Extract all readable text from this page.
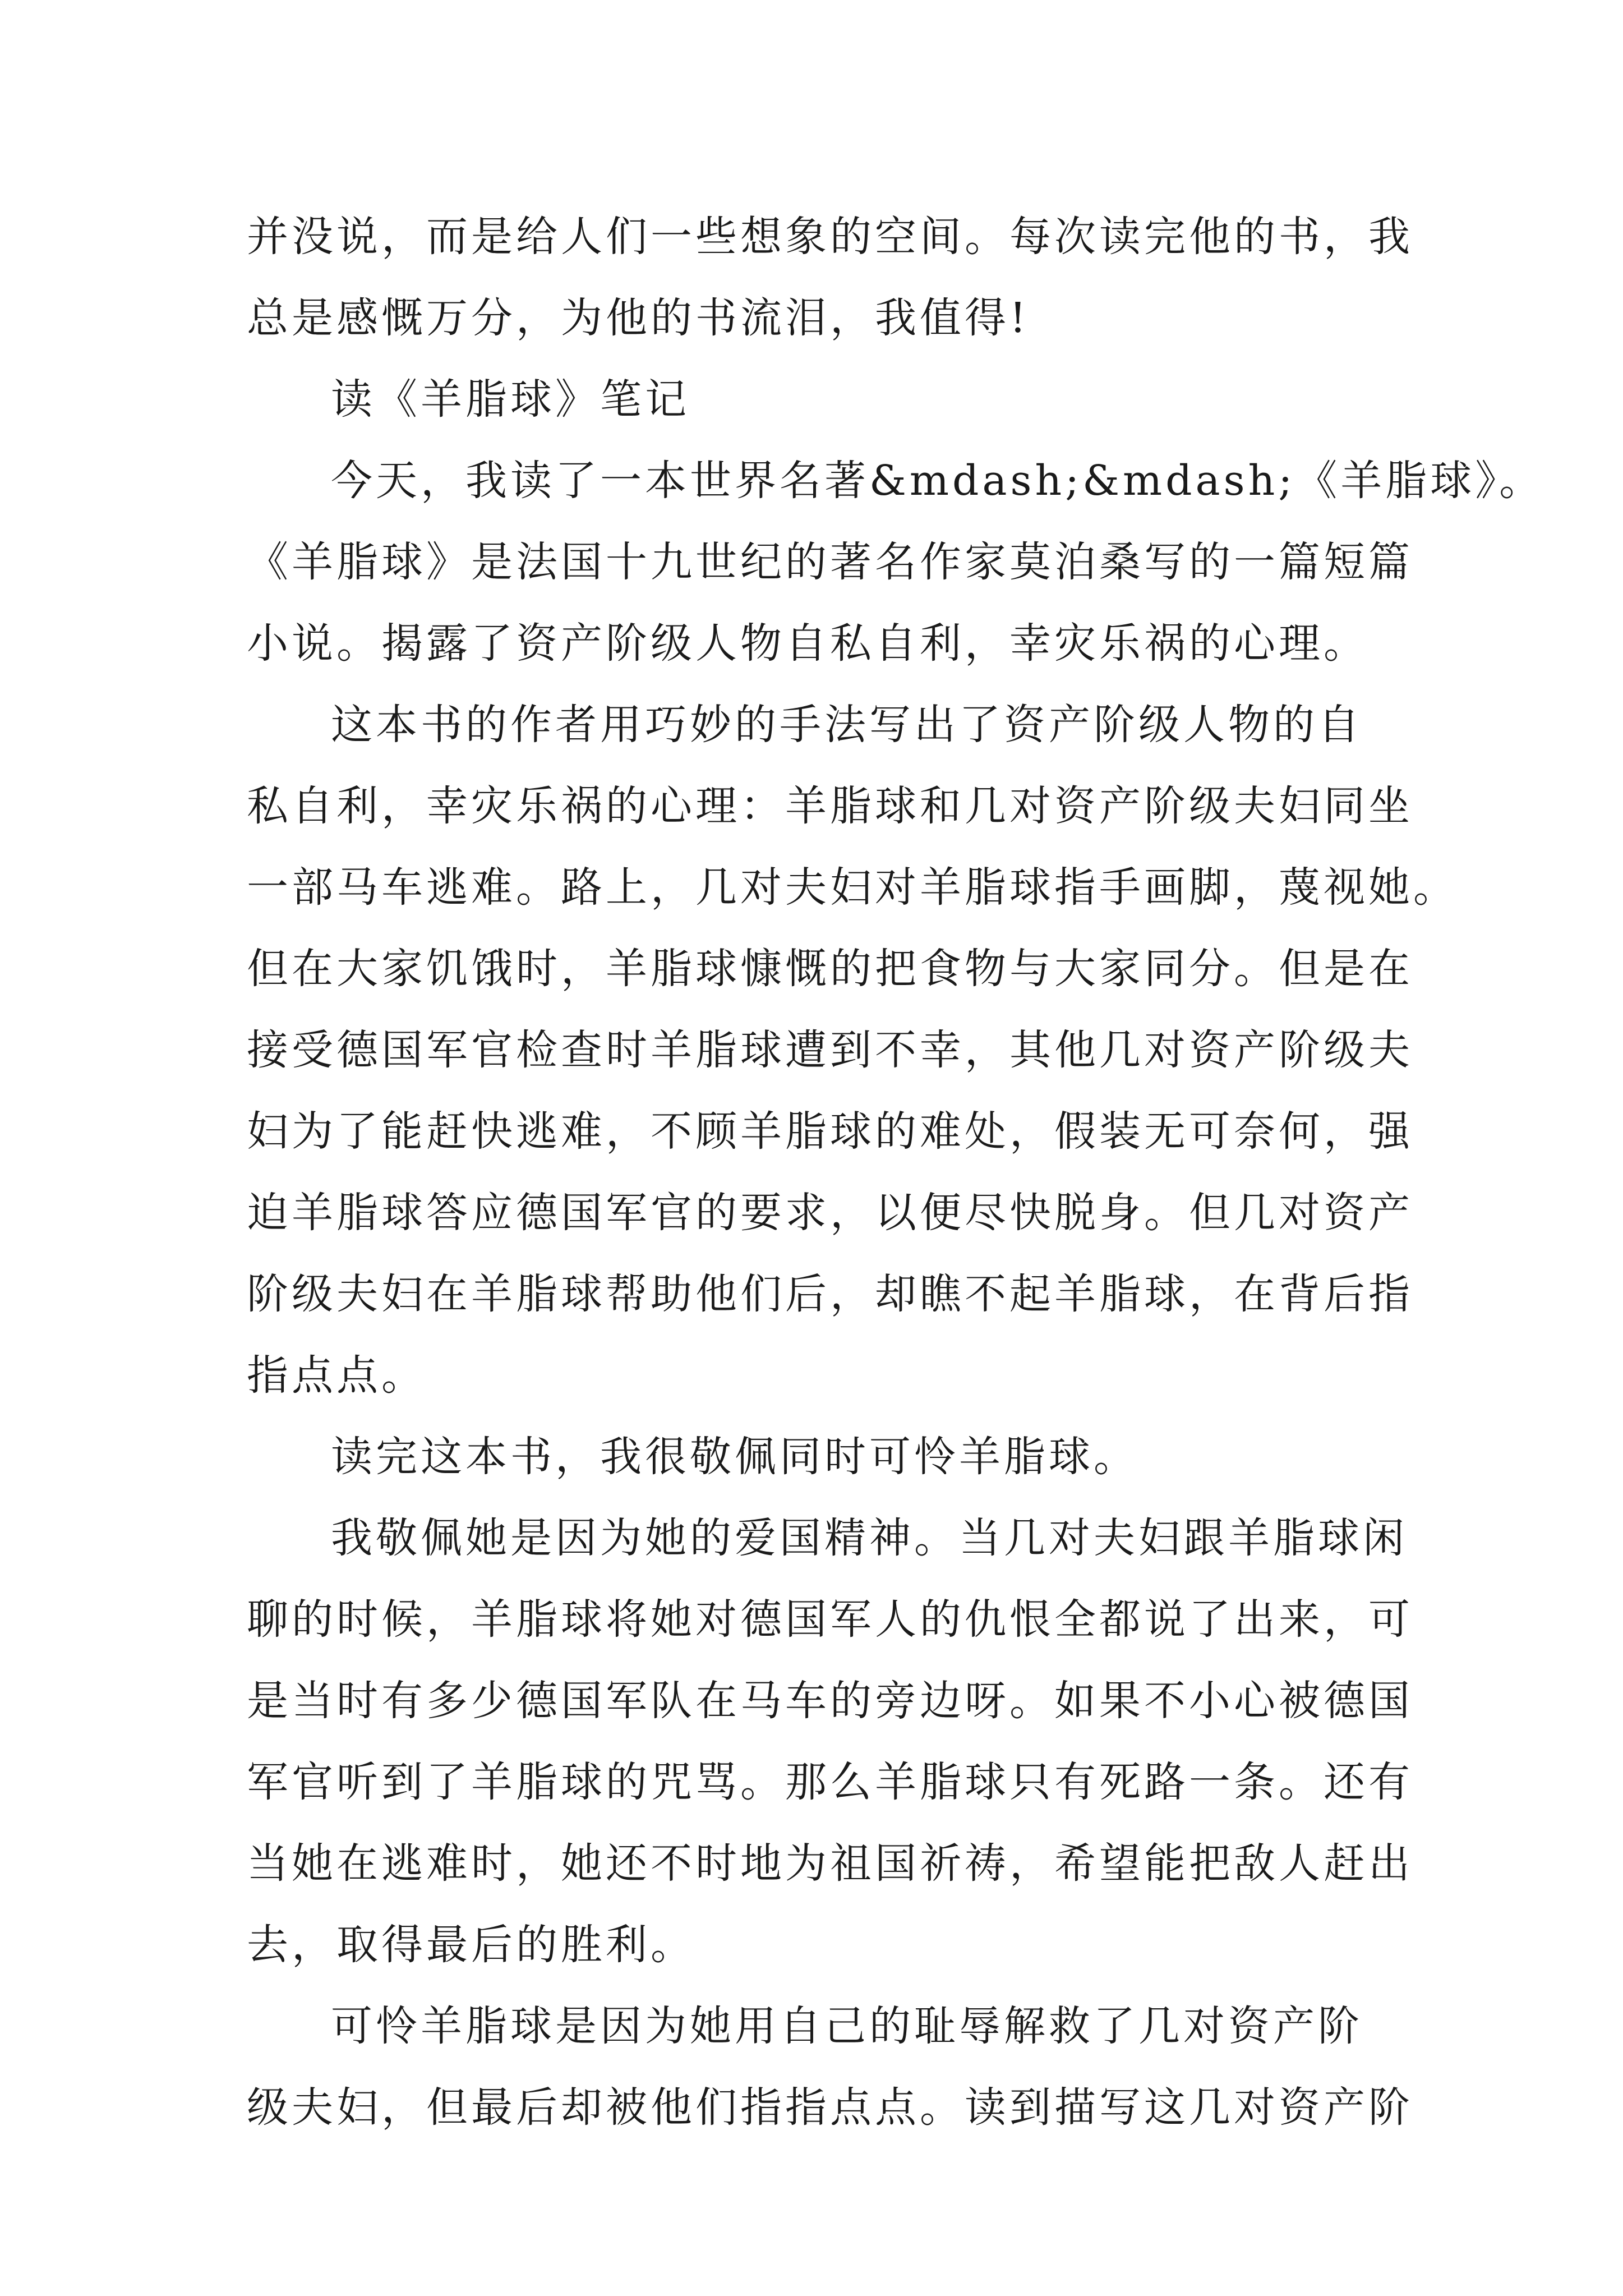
并没说，而是给人们一些想象的空间。每次读完他的书，我
总是感慨万分，为他的书流泪，我值得!
读《羊脂球》笔记
今天，我读了一本世界名著&mdash;&mdash;《羊脂球》。
《羊脂球》是法国十九世纪的著名作家莫泊桑写的一篇短篇
小说。揭露了资产阶级人物自私自利，幸灾乐祸的心理。
这本书的作者用巧妙的手法写出了资产阶级人物的自
私自利，幸灾乐祸的心理：羊脂球和几对资产阶级夫妇同坐
一部马车逃难。路上，几对夫妇对羊脂球指手画脚，蔑视她。
但在大家饥饿时，羊脂球慷慨的把食物与大家同分。但是在
接受德国军官检查时羊脂球遭到不幸，其他几对资产阶级夫
妇为了能赶快逃难，不顾羊脂球的难处，假装无可奈何，强
迫羊脂球答应德国军官的要求，以便尽快脱身。但几对资产
阶级夫妇在羊脂球帮助他们后，却瞧不起羊脂球，在背后指
指点点。
读完这本书，我很敬佩同时可怜羊脂球。
我敬佩她是因为她的爱国精神。当几对夫妇跟羊脂球闲
聊的时候，羊脂球将她对德国军人的仇恨全都说了出来，可
是当时有多少德国军队在马车的旁边呀。如果不小心被德国
军官听到了羊脂球的咒骂。那么羊脂球只有死路一条。还有
当她在逃难时，她还不时地为祖国祈祷，希望能把敌人赶出
去，取得最后的胜利。
可怜羊脂球是因为她用自己的耻辱解救了几对资产阶
级夫妇，但最后却被他们指指点点。读到描写这几对资产阶
